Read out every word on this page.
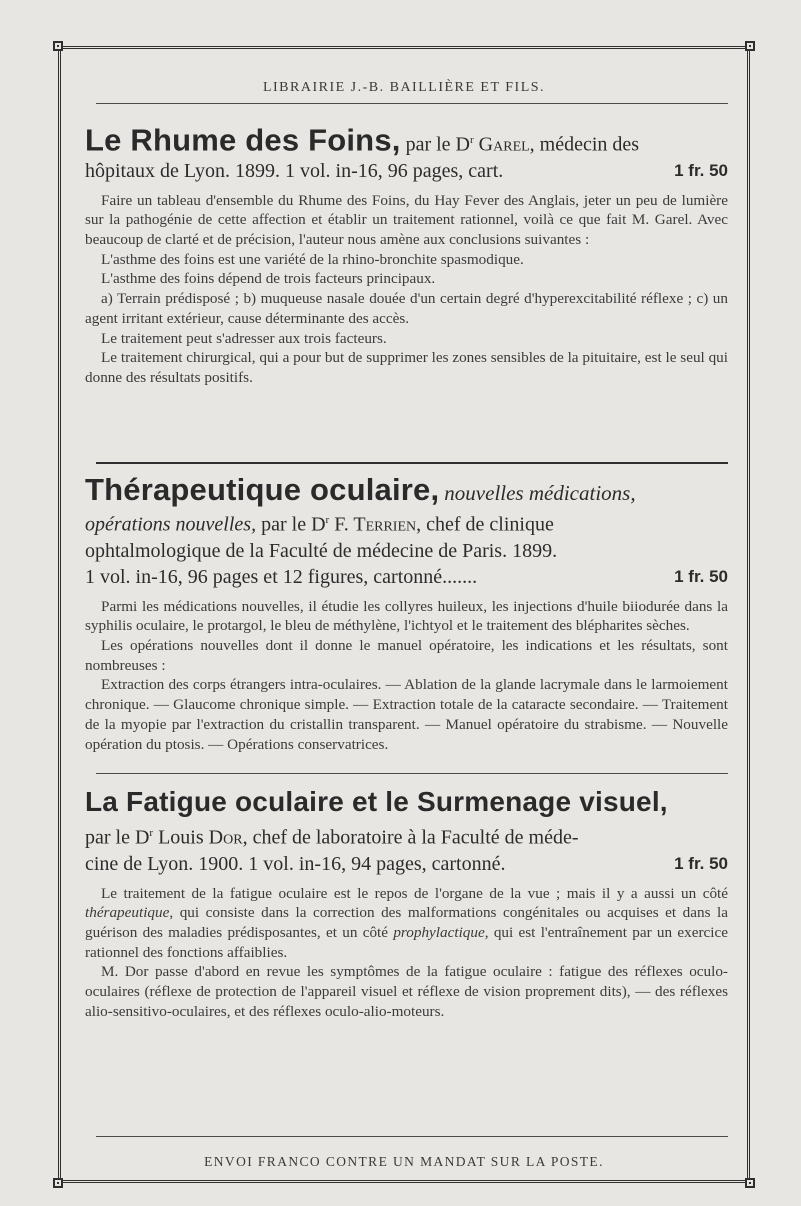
LIBRAIRIE J.-B. BAILLIÈRE ET FILS.

Le Rhume des Foins, par le $D^r$ Garel, médecin des

hôpitaux de Lyon. 1899. 1 vol. in-16, 96 pages, cart.	1 fr. 50

Faire un tableau d'ensemble du Rhume des Foins, du Hay Fever des Anglais, jeter un peu de lumière sur la pathogénie de cette affection et établir un traitement rationnel, voilà ce que fait M. Garel. Avec beaucoup de clarté et de précision, l'auteur nous amène aux conclusions suivantes :

L'asthme des foins est une variété de la rhino-bronchite spasmodique.

L'asthme des foins dépend de trois facteurs principaux.

a) Terrain prédisposé ; b) muqueuse nasale douée d'un certain degré d'hyperexcitabilité réflexe ; c) un agent irritant extérieur, cause déterminante des accès.

Le traitement peut s'adresser aux trois facteurs.

Le traitement chirurgical, qui a pour but de supprimer les zones sensibles de la pituitaire, est le seul qui donne des résultats positifs.

Thérapeutique oculaire, nouvelles médications,

opérations nouvelles, par le $D^r$ F. Terrien, chef de clinique

ophtalmologique de la Faculté de médecine de Paris. 1899.

1 vol. in-16, 96 pages et 12 figures, cartonné.......	1 fr. 50

Parmi les médications nouvelles, il étudie les collyres huileux, les injections d'huile biiodurée dans la syphilis oculaire, le protargol, le bleu de méthylène, l'ichtyol et le traitement des blépharites sèches.

Les opérations nouvelles dont il donne le manuel opératoire, les indications et les résultats, sont nombreuses :

Extraction des corps étrangers intra-oculaires. — Ablation de la glande lacrymale dans le larmoiement chronique. — Glaucome chronique simple. — Extraction totale de la cataracte secondaire. — Traitement de la myopie par l'extraction du cristallin transparent. — Manuel opératoire du strabisme. — Nouvelle opération du ptosis. — Opérations conservatrices.

La Fatigue oculaire et le Surmenage visuel,

par le $D^r$ Louis Dor, chef de laboratoire à la Faculté de méde-

cine de Lyon. 1900. 1 vol. in-16, 94 pages, cartonné.	1 fr. 50

Le traitement de la fatigue oculaire est le repos de l'organe de la vue ; mais il y a aussi un côté thérapeutique, qui consiste dans la correction des malformations congénitales ou acquises et dans la guérison des maladies prédisposantes, et un côté prophylactique, qui est l'entraînement par un exercice rationnel des fonctions affaiblies.

M. Dor passe d'abord en revue les symptômes de la fatigue oculaire : fatigue des réflexes oculo-oculaires (réflexe de protection de l'appareil visuel et réflexe de vision proprement dits), — des réflexes alio-sensitivo-oculaires, et des réflexes oculo-alio-moteurs.

ENVOI FRANCO CONTRE UN MANDAT SUR LA POSTE.
